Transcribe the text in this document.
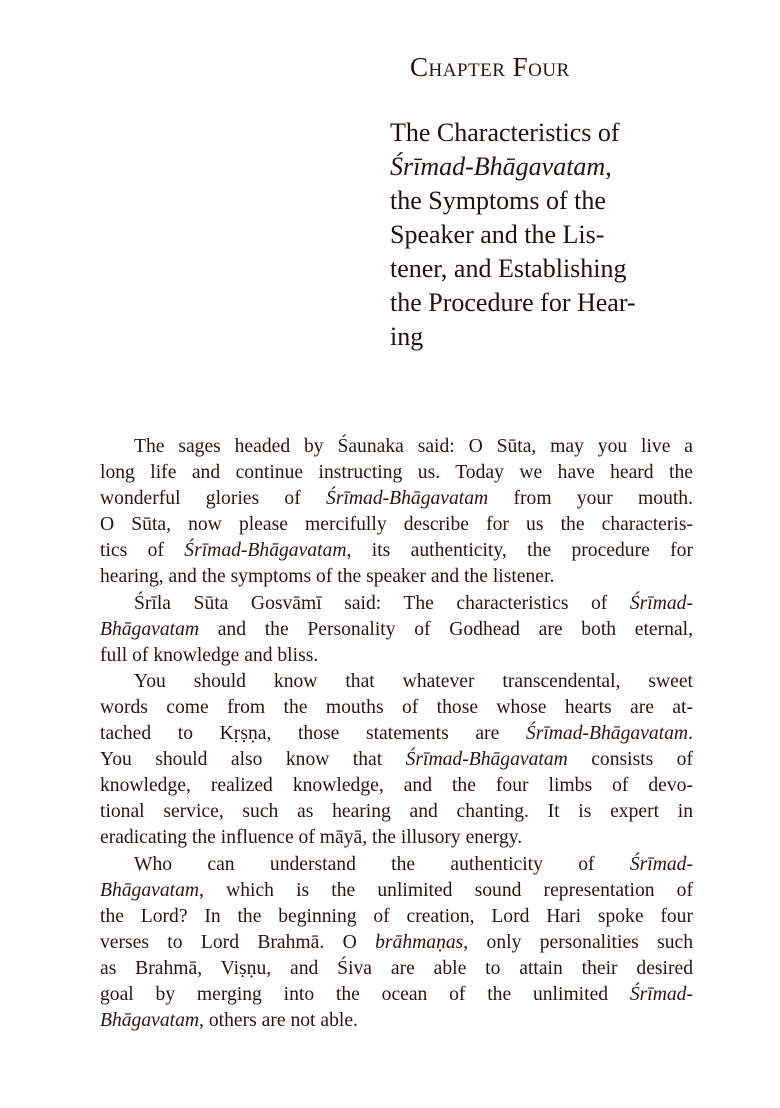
Chapter Four
The Characteristics of
Śrīmad-Bhāgavatam,
the Symptoms of the
Speaker and the Lis-
tener, and Establishing
the Procedure for Hear-
ing
The sages headed by Śaunaka said: O Sūta, may you live a
long life and continue instructing us. Today we have heard the
wonderful glories of Śrīmad-Bhāgavatam from your mouth.
O Sūta, now please mercifully describe for us the characteris-
tics of Śrīmad-Bhāgavatam, its authenticity, the procedure for
hearing, and the symptoms of the speaker and the listener.
Śrīla Sūta Gosvāmī said: The characteristics of Śrīmad-
Bhāgavatam and the Personality of Godhead are both eternal,
full of knowledge and bliss.
You should know that whatever transcendental, sweet
words come from the mouths of those whose hearts are at-
tached to Kṛṣṇa, those statements are Śrīmad-Bhāgavatam.
You should also know that Śrīmad-Bhāgavatam consists of
knowledge, realized knowledge, and the four limbs of devo-
tional service, such as hearing and chanting. It is expert in
eradicating the influence of māyā, the illusory energy.
Who can understand the authenticity of Śrīmad-
Bhāgavatam, which is the unlimited sound representation of
the Lord? In the beginning of creation, Lord Hari spoke four
verses to Lord Brahmā. O brāhmaṇas, only personalities such
as Brahmā, Viṣṇu, and Śiva are able to attain their desired
goal by merging into the ocean of the unlimited Śrīmad-
Bhāgavatam, others are not able.
